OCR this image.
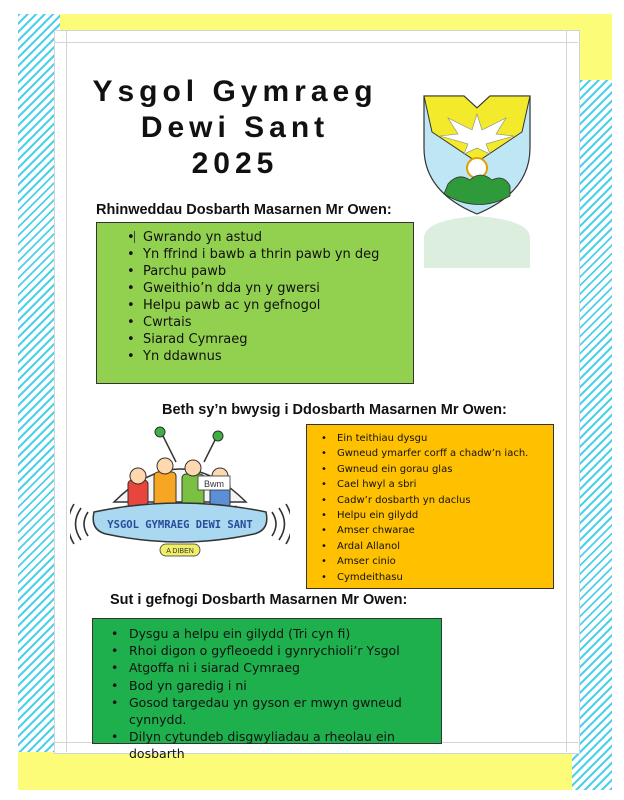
Ysgol Gymraeg
Dewi Sant
2025
Rhinweddau Dosbarth Masarnen Mr Owen:
• Gwrando yn astud
• Yn ffrind i bawb a thrin pawb yn deg
• Parchu pawb
• Gweithio’n dda yn y gwersi
• Helpu pawb ac yn gefnogol
• Cwrtais
• Siarad Cymraeg
• Yn ddawnus
Beth sy’n bwysig i Ddosbarth Masarnen Mr Owen:
Bwm
YSGOL GYMRAEG DEWI SANT
A DIBEN
• Ein teithiau dysgu
• Gwneud ymarfer corff a chadw’n iach.
• Gwneud ein gorau glas
• Cael hwyl a sbri
• Cadw’r dosbarth yn daclus
• Helpu ein gilydd
• Amser chwarae
• Ardal Allanol
• Amser cinio
• Cymdeithasu
Sut i gefnogi Dosbarth Masarnen Mr Owen:
• Dysgu a helpu ein gilydd (Tri cyn fi)
• Rhoi digon o gyfleoedd i gynrychioli’r Ysgol
• Atgoffa ni i siarad Cymraeg
• Bod yn garedig i ni
• Gosod targedau yn gyson er mwyn gwneud cynnydd.
• Dilyn cytundeb disgwyliadau a rheolau ein dosbarth
